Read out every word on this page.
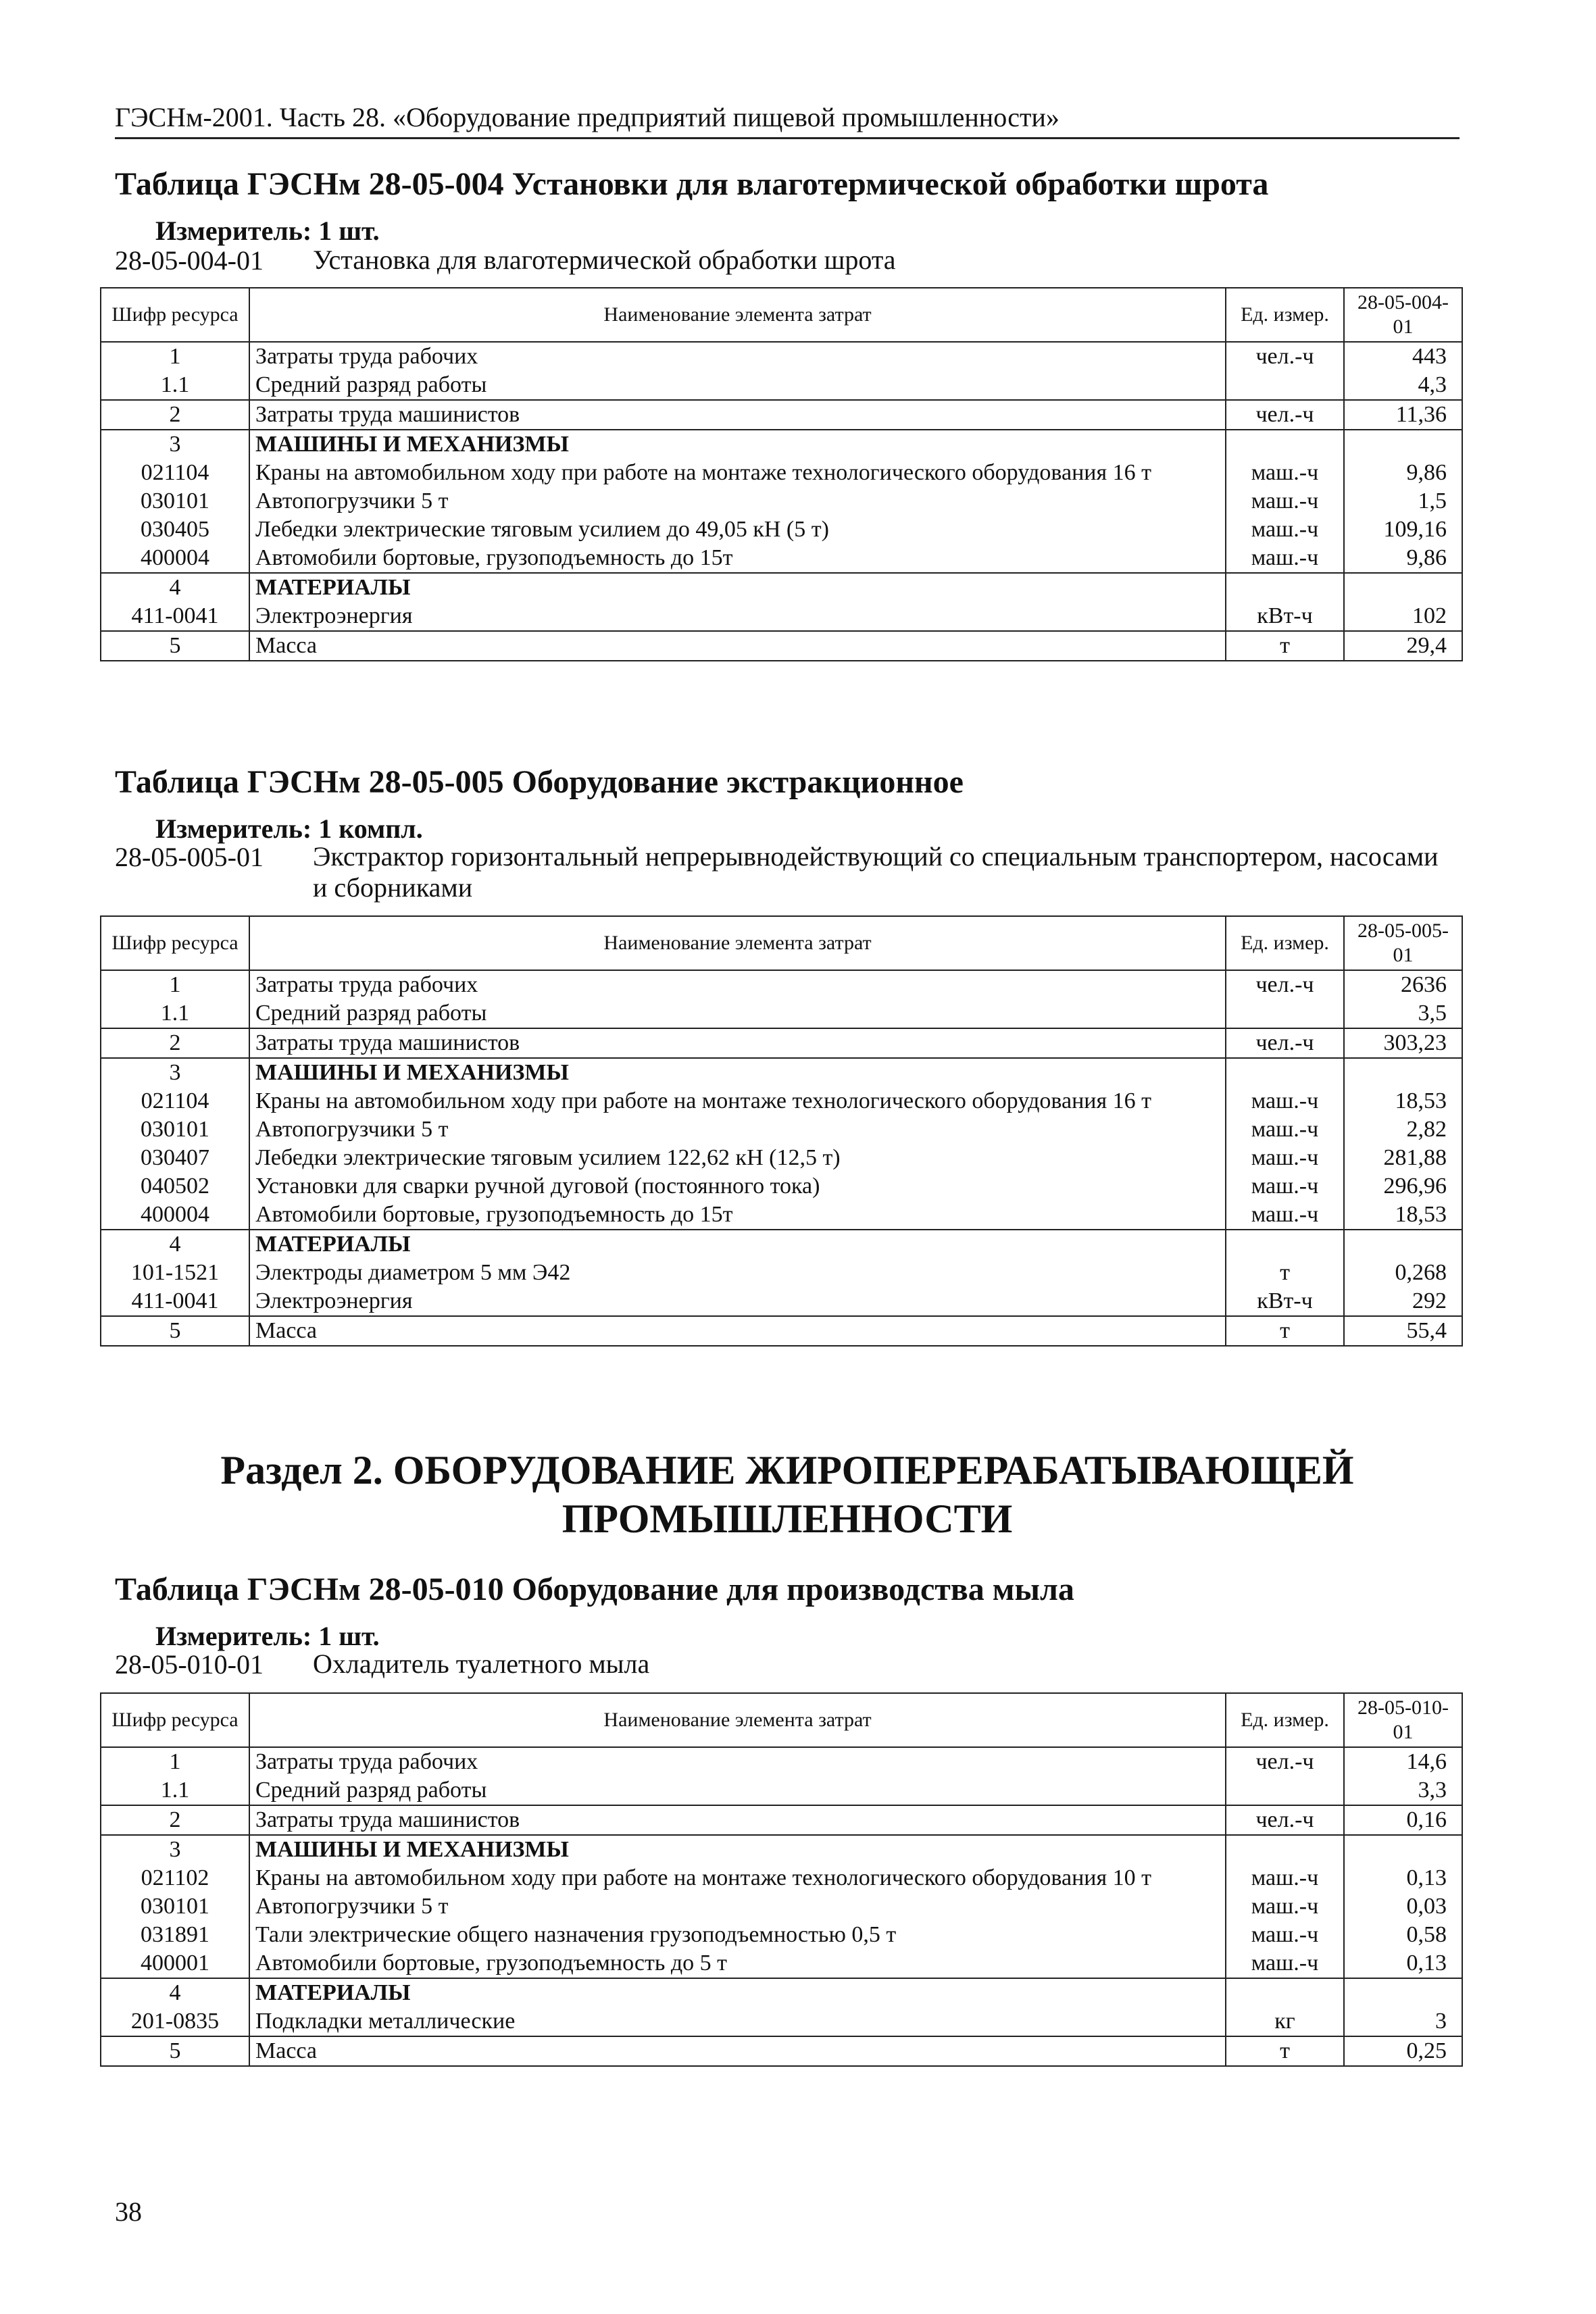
ГЭСНм-2001. Часть 28. «Оборудование предприятий пищевой промышленности»
Таблица ГЭСНм 28-05-004 Установки для влаготермической обработки шрота
Измеритель: 1 шт.
28-05-004-01 Установка для влаготермической обработки шрота
Шифр ресурса	Наименование элемента затрат	Ед. измер.	28-05-004-01
1	Затраты труда рабочих	чел.-ч	443
1.1	Средний разряд работы		4,3
2	Затраты труда машинистов	чел.-ч	11,36
3	МАШИНЫ И МЕХАНИЗМЫ		
021104	Краны на автомобильном ходу при работе на монтаже технологического оборудования 16 т	маш.-ч	9,86
030101	Автопогрузчики 5 т	маш.-ч	1,5
030405	Лебедки электрические тяговым усилием до 49,05 кН (5 т)	маш.-ч	109,16
400004	Автомобили бортовые, грузоподъемность до 15т	маш.-ч	9,86
4	МАТЕРИАЛЫ		
411-0041	Электроэнергия	кВт-ч	102
5	Масса	т	29,4
Таблица ГЭСНм 28-05-005 Оборудование экстракционное
Измеритель: 1 компл.
28-05-005-01 Экстрактор горизонтальный непрерывнодействующий со специальным транспортером, насосами и сборниками
Шифр ресурса	Наименование элемента затрат	Ед. измер.	28-05-005-01
1	Затраты труда рабочих	чел.-ч	2636
1.1	Средний разряд работы		3,5
2	Затраты труда машинистов	чел.-ч	303,23
3	МАШИНЫ И МЕХАНИЗМЫ		
021104	Краны на автомобильном ходу при работе на монтаже технологического оборудования 16 т	маш.-ч	18,53
030101	Автопогрузчики 5 т	маш.-ч	2,82
030407	Лебедки электрические тяговым усилием 122,62 кН (12,5 т)	маш.-ч	281,88
040502	Установки для сварки ручной дуговой (постоянного тока)	маш.-ч	296,96
400004	Автомобили бортовые, грузоподъемность до 15т	маш.-ч	18,53
4	МАТЕРИАЛЫ		
101-1521	Электроды диаметром 5 мм Э42	т	0,268
411-0041	Электроэнергия	кВт-ч	292
5	Масса	т	55,4
Раздел 2. ОБОРУДОВАНИЕ ЖИРОПЕРЕРАБАТЫВАЮЩЕЙ ПРОМЫШЛЕННОСТИ
Таблица ГЭСНм 28-05-010 Оборудование для производства мыла
Измеритель: 1 шт.
28-05-010-01 Охладитель туалетного мыла
Шифр ресурса	Наименование элемента затрат	Ед. измер.	28-05-010-01
1	Затраты труда рабочих	чел.-ч	14,6
1.1	Средний разряд работы		3,3
2	Затраты труда машинистов	чел.-ч	0,16
3	МАШИНЫ И МЕХАНИЗМЫ		
021102	Краны на автомобильном ходу при работе на монтаже технологического оборудования 10 т	маш.-ч	0,13
030101	Автопогрузчики 5 т	маш.-ч	0,03
031891	Тали электрические общего назначения грузоподъемностью 0,5 т	маш.-ч	0,58
400001	Автомобили бортовые, грузоподъемность до 5 т	маш.-ч	0,13
4	МАТЕРИАЛЫ		
201-0835	Подкладки металлические	кг	3
5	Масса	т	0,25
38
